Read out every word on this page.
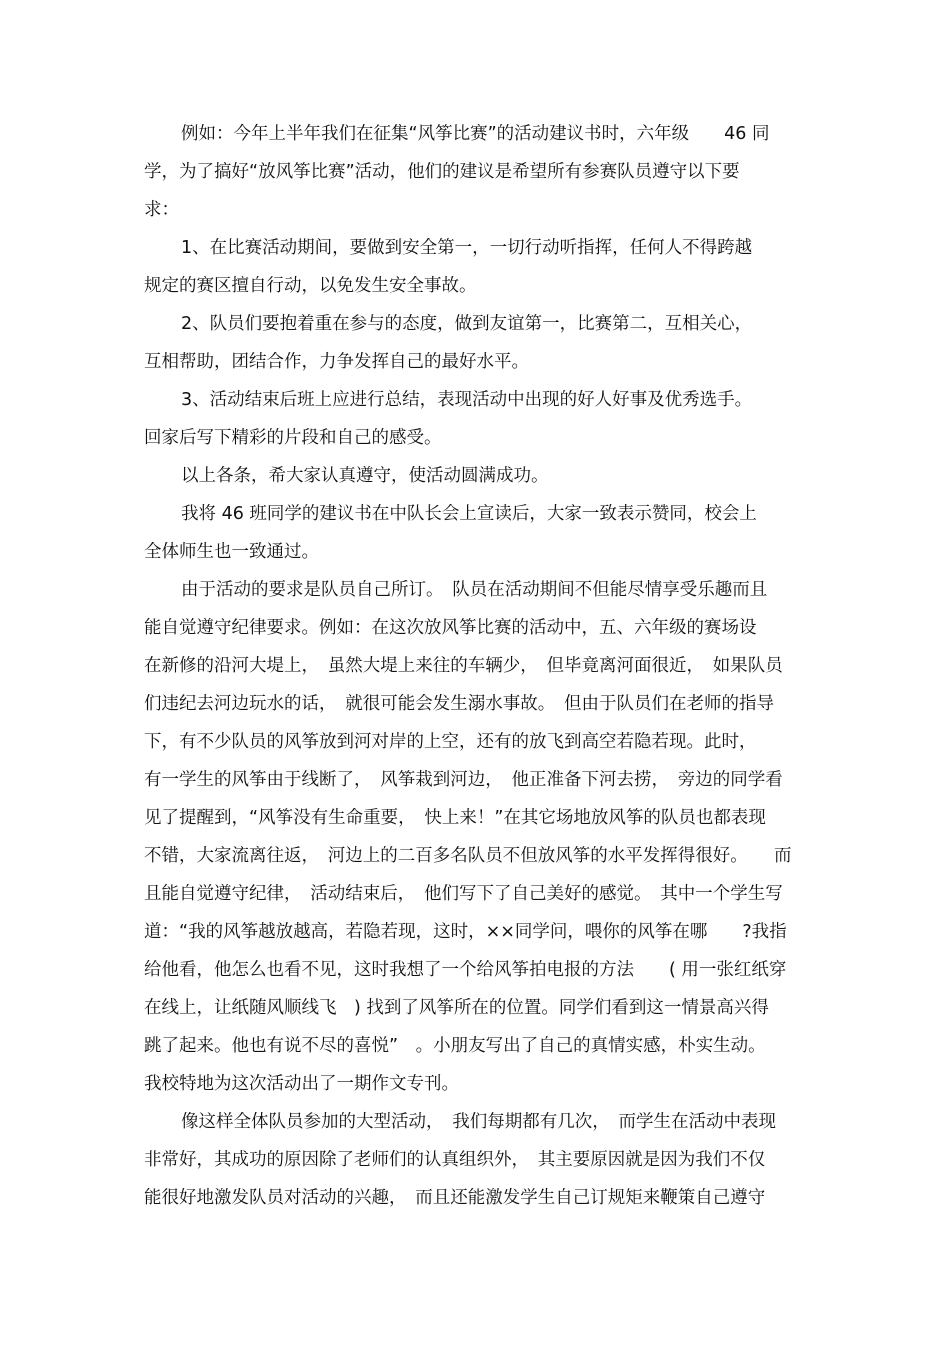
例如：今年上半年我们在征集“风筝比赛”的活动建议书时，六年级　　46 同
学，为了搞好“放风筝比赛”活动，他们的建议是希望所有参赛队员遵守以下要
求：
1、在比赛活动期间，要做到安全第一，一切行动听指挥，任何人不得跨越
规定的赛区擅自行动，以免发生安全事故。
2、队员们要抱着重在参与的态度，做到友谊第一，比赛第二，互相关心，
互相帮助，团结合作，力争发挥自己的最好水平。
3、活动结束后班上应进行总结，表现活动中出现的好人好事及优秀选手。
回家后写下精彩的片段和自己的感受。
以上各条，希大家认真遵守，使活动圆满成功。
我将 46 班同学的建议书在中队长会上宣读后，大家一致表示赞同，校会上
全体师生也一致通过。
由于活动的要求是队员自己所订。　队员在活动期间不但能尽情享受乐趣而且
能自觉遵守纪律要求。例如：在这次放风筝比赛的活动中，五、六年级的赛场设
在新修的沿河大堤上，　虽然大堤上来往的车辆少，　但毕竟离河面很近，　如果队员
们违纪去河边玩水的话，　就很可能会发生溺水事故。　但由于队员们在老师的指导
下，有不少队员的风筝放到河对岸的上空，还有的放飞到高空若隐若现。此时，
有一学生的风筝由于线断了，　风筝栽到河边，　他正准备下河去捞，　旁边的同学看
见了提醒到，“风筝没有生命重要，　快上来！”在其它场地放风筝的队员也都表现
不错，大家流离往返，　河边上的二百多名队员不但放风筝的水平发挥得很好。　　而
且能自觉遵守纪律，　活动结束后，　他们写下了自己美好的感觉。　其中一个学生写
道：“我的风筝越放越高，若隐若现，这时，××同学问，喂你的风筝在哪　　?我指
给他看，他怎么也看不见，这时我想了一个给风筝拍电报的方法　　( 用一张红纸穿
在线上，让纸随风顺线飞　) 找到了风筝所在的位置。同学们看到这一情景高兴得
跳了起来。他也有说不尽的喜悦”　。小朋友写出了自己的真情实感，朴实生动。
我校特地为这次活动出了一期作文专刊。
像这样全体队员参加的大型活动，　我们每期都有几次，　而学生在活动中表现
非常好，其成功的原因除了老师们的认真组织外，　其主要原因就是因为我们不仅
能很好地激发队员对活动的兴趣，　而且还能激发学生自己订规矩来鞭策自己遵守
